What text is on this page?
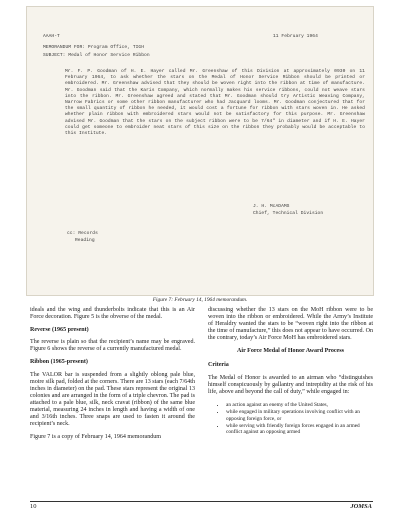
AAAH-T	11 February 1964
MEMORANDUM FOR: Program Office, TIGH
SUBJECT: Medal of Honor Service Ribbon
Mr. F. P. Goodman of H. E. Hayer called Mr. Greenshaw of this Division at approximately 0930 on 11 February 1964, to ask whether the stars on the Medal of Honor Service Ribbon should be printed or embroidered. Mr. Greenshaw advised that they should be woven right into the ribbon at time of manufacture. Mr. Goodman said that the Karis Company, which normally makes his service ribbons, could not weave stars into the ribbon. Mr. Greenshaw agreed and stated that Mr. Goodman should try Artistic Weaving Company, Narrow Fabrics or some other ribbon manufacturer who had Jacquard looms. Mr. Goodman conjectured that for the small quantity of ribbon he needed, it would cost a fortune for ribbon with stars woven in. He asked whether plain ribbon with embroidered stars would not be satisfactory for this purpose. Mr. Greenshaw advised Mr. Goodman that the stars on the subject ribbon were to be 7/64" in diameter and if H. E. Hayer could get someone to embroider neat stars of this size on the ribbon they probably would be acceptable to this Institute.
J. H. McADAMS
Chief, Technical Division
cc: Records
Reading
Figure 7: February 14, 1964 memorandum.

ideals and the wing and thunderbolts indicate that this is an Air Force decoration. Figure 5 is the obverse of the medal.

Reverse (1965 present)

The reverse is plain so that the recipient’s name may be engraved. Figure 6 shows the reverse of a currently manufactured medal.

Ribbon (1965-present)

The VALOR bar is suspended from a slightly oblong pale blue, moire silk pad, folded at the corners. There are 13 stars (each 7/64th inches in diameter) on the pad. These stars represent the original 13 colonies and are arranged in the form of a triple chevron. The pad is attached to a pale blue, silk, neck cravat (ribbon) of the same blue material, measuring 24 inches in length and having a width of one and 3/16th inches. Three snaps are used to fasten it around the recipient’s neck.

Figure 7 is a copy of February 14, 1964 memorandum

discussing whether the 13 stars on the MoH ribbon were to be woven into the ribbon or embroidered. While the Army’s Institute of Heraldry wanted the stars to be “woven right into the ribbon at the time of manufacture,” this does not appear to have occurred. On the contrary, today’s Air Force MoH has embroidered stars.

Air Force Medal of Honor Award Process

Criteria

The Medal of Honor is awarded to an airman who “distinguishes himself conspicuously by gallantry and intrepidity at the risk of his life, above and beyond the call of duty,” while engaged in:

• an action against an enemy of the United States,
• while engaged in military operations involving conflict with an opposing foreign force, or
• while serving with friendly foreign forces engaged in an armed conflict against an opposing armed
10	JOMSA
